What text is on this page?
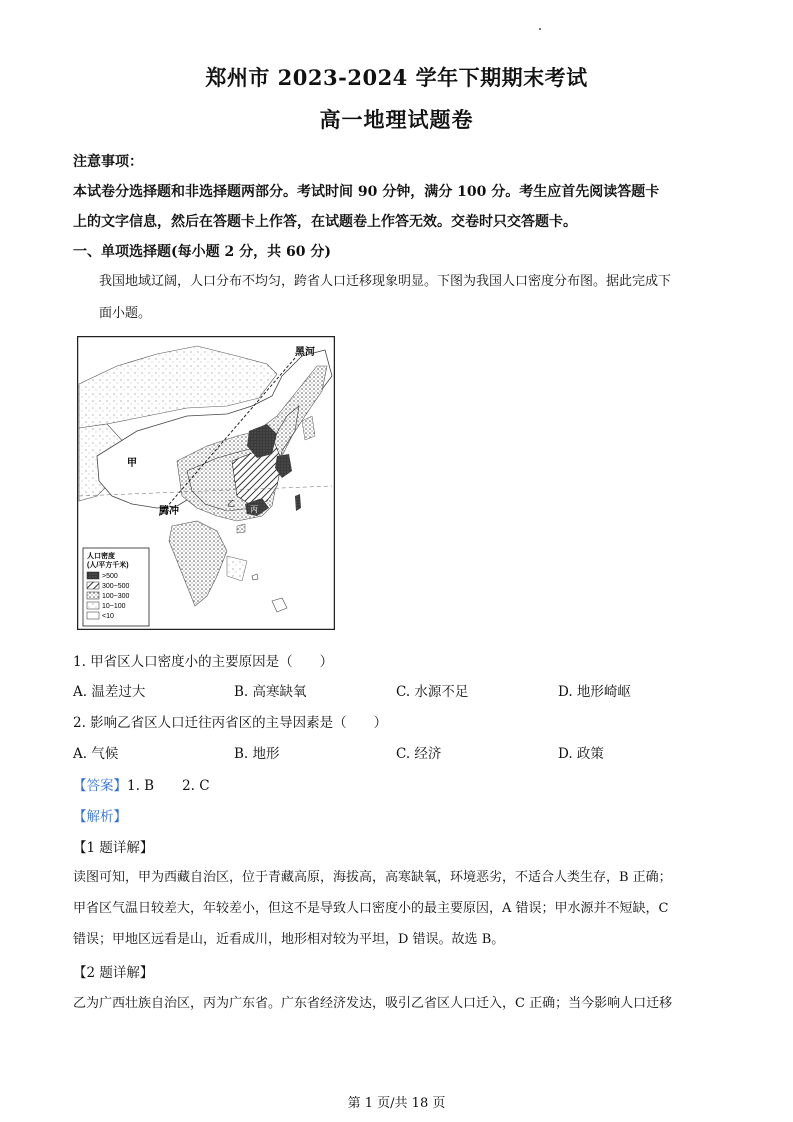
郑州市 2023-2024 学年下期期末考试
高一地理试题卷
注意事项：
本试卷分选择题和非选择题两部分。考试时间 90 分钟，满分 100 分。考生应首先阅读答题卡
上的文字信息，然后在答题卡上作答，在试题卷上作答无效。交卷时只交答题卡。
一、单项选择题(每小题 2 分，共 60 分)
我国地域辽阔，人口分布不均匀，跨省人口迁移现象明显。下图为我国人口密度分布图。据此完成下
面小题。
黑河
甲
腾冲
乙
丙
人口密度
(人/平方千米)
>500
300~500
100~300
10~100
<10
1. 甲省区人口密度小的主要原因是（　　）
A. 温差过大	B. 高寒缺氧	C. 水源不足	D. 地形崎岖
2. 影响乙省区人口迁往丙省区的主导因素是（　　）
A. 气候	B. 地形	C. 经济	D. 政策
【答案】1. B 2. C
【解析】
【1 题详解】
读图可知，甲为西藏自治区，位于青藏高原，海拔高，高寒缺氧，环境恶劣，不适合人类生存，B 正确；
甲省区气温日较差大，年较差小，但这不是导致人口密度小的最主要原因，A 错误；甲水源并不短缺，C
错误；甲地区远看是山，近看成川，地形相对较为平坦，D 错误。故选 B。
【2 题详解】
乙为广西壮族自治区，丙为广东省。广东省经济发达，吸引乙省区人口迁入，C 正确；当今影响人口迁移
第 1 页/共 18 页
